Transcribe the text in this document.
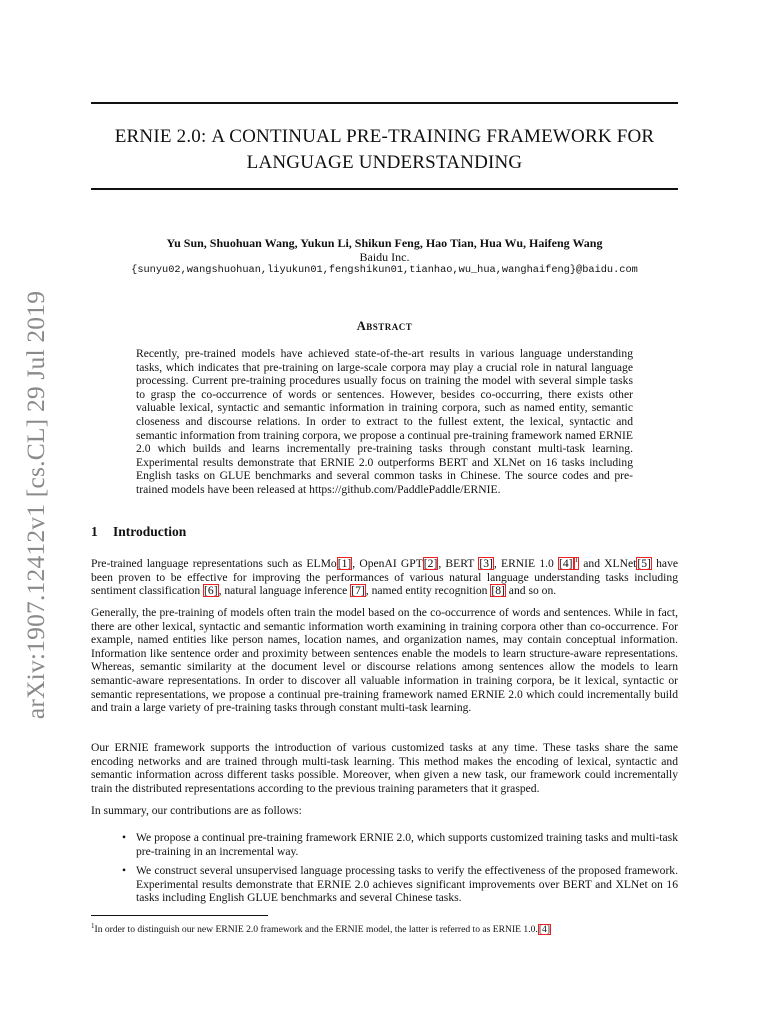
arXiv:1907.12412v1 [cs.CL] 29 Jul 2019
ERNIE 2.0: A CONTINUAL PRE-TRAINING FRAMEWORK FOR
LANGUAGE UNDERSTANDING
Yu Sun, Shuohuan Wang, Yukun Li, Shikun Feng, Hao Tian, Hua Wu, Haifeng Wang
Baidu Inc.
{sunyu02,wangshuohuan,liyukun01,fengshikun01,tianhao,wu_hua,wanghaifeng}@baidu.com
Abstract

Recently, pre-trained models have achieved state-of-the-art results in various language understanding tasks, which indicates that pre-training on large-scale corpora may play a crucial role in natural language processing. Current pre-training procedures usually focus on training the model with several simple tasks to grasp the co-occurrence of words or sentences. However, besides co-occurring, there exists other valuable lexical, syntactic and semantic information in training corpora, such as named entity, semantic closeness and discourse relations. In order to extract to the fullest extent, the lexical, syntactic and semantic information from training corpora, we propose a continual pre-training framework named ERNIE 2.0 which builds and learns incrementally pre-training tasks through constant multi-task learning. Experimental results demonstrate that ERNIE 2.0 outperforms BERT and XLNet on 16 tasks including English tasks on GLUE benchmarks and several common tasks in Chinese. The source codes and pre-trained models have been released at https://github.com/PaddlePaddle/ERNIE.

1 Introduction

Pre-trained language representations such as ELMo[1], OpenAI GPT[2], BERT [3], ERNIE 1.0 [4] $^1$ and XLNet[5] have been proven to be effective for improving the performances of various natural language understanding tasks including sentiment classification [6], natural language inference [7], named entity recognition [8] and so on.

Generally, the pre-training of models often train the model based on the co-occurrence of words and sentences. While in fact, there are other lexical, syntactic and semantic information worth examining in training corpora other than co-occurrence. For example, named entities like person names, location names, and organization names, may contain conceptual information. Information like sentence order and proximity between sentences enable the models to learn structure-aware representations. Whereas, semantic similarity at the document level or discourse relations among sentences allow the models to learn semantic-aware representations. In order to discover all valuable information in training corpora, be it lexical, syntactic or semantic representations, we propose a continual pre-training framework named ERNIE 2.0 which could incrementally build and train a large variety of pre-training tasks through constant multi-task learning.

Our ERNIE framework supports the introduction of various customized tasks at any time. These tasks share the same encoding networks and are trained through multi-task learning. This method makes the encoding of lexical, syntactic and semantic information across different tasks possible. Moreover, when given a new task, our framework could incrementally train the distributed representations according to the previous training parameters that it grasped.

In summary, our contributions are as follows:

• We propose a continual pre-training framework ERNIE 2.0, which supports customized training tasks and multi-task pre-training in an incremental way.
• We construct several unsupervised language processing tasks to verify the effectiveness of the proposed framework. Experimental results demonstrate that ERNIE 2.0 achieves significant improvements over BERT and XLNet on 16 tasks including English GLUE benchmarks and several Chinese tasks.
$^1$In order to distinguish our new ERNIE 2.0 framework and the ERNIE model, the latter is referred to as ERNIE 1.0.[4]
